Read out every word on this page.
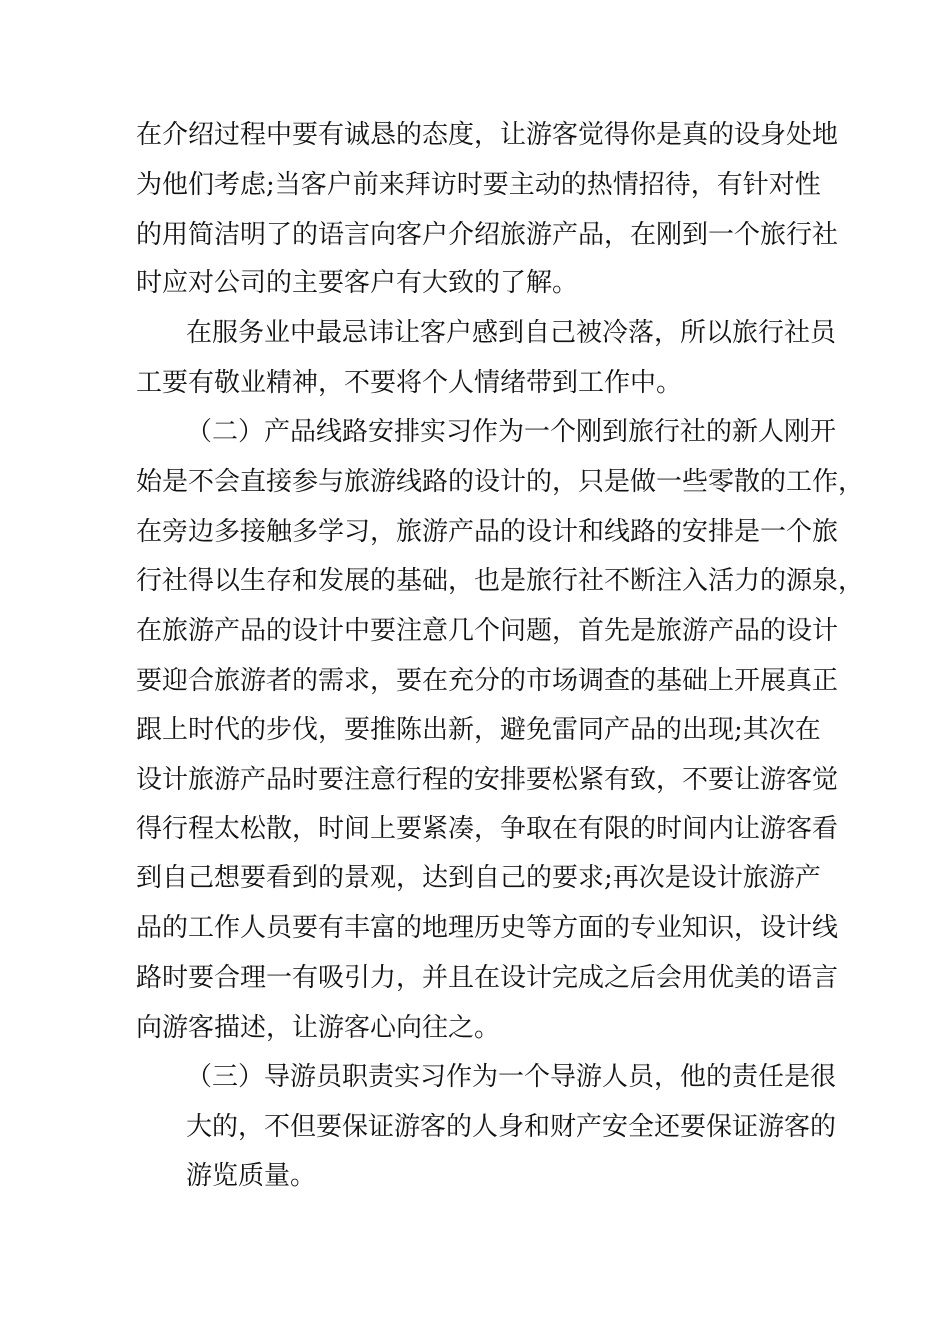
在介绍过程中要有诚恳的态度，让游客觉得你是真的设身处地
为他们考虑;当客户前来拜访时要主动的热情招待，有针对性
的用简洁明了的语言向客户介绍旅游产品，在刚到一个旅行社
时应对公司的主要客户有大致的了解。
在服务业中最忌讳让客户感到自己被冷落，所以旅行社员
工要有敬业精神，不要将个人情绪带到工作中。
（二）产品线路安排实习作为一个刚到旅行社的新人刚开
始是不会直接参与旅游线路的设计的，只是做一些零散的工作，
在旁边多接触多学习，旅游产品的设计和线路的安排是一个旅
行社得以生存和发展的基础，也是旅行社不断注入活力的源泉，
在旅游产品的设计中要注意几个问题，首先是旅游产品的设计
要迎合旅游者的需求，要在充分的市场调查的基础上开展真正
跟上时代的步伐，要推陈出新，避免雷同产品的出现;其次在
设计旅游产品时要注意行程的安排要松紧有致，不要让游客觉
得行程太松散，时间上要紧凑，争取在有限的时间内让游客看
到自己想要看到的景观，达到自己的要求;再次是设计旅游产
品的工作人员要有丰富的地理历史等方面的专业知识，设计线
路时要合理一有吸引力，并且在设计完成之后会用优美的语言
向游客描述，让游客心向往之。
（三）导游员职责实习作为一个导游人员，他的责任是很
大的，不但要保证游客的人身和财产安全还要保证游客的
游览质量。
